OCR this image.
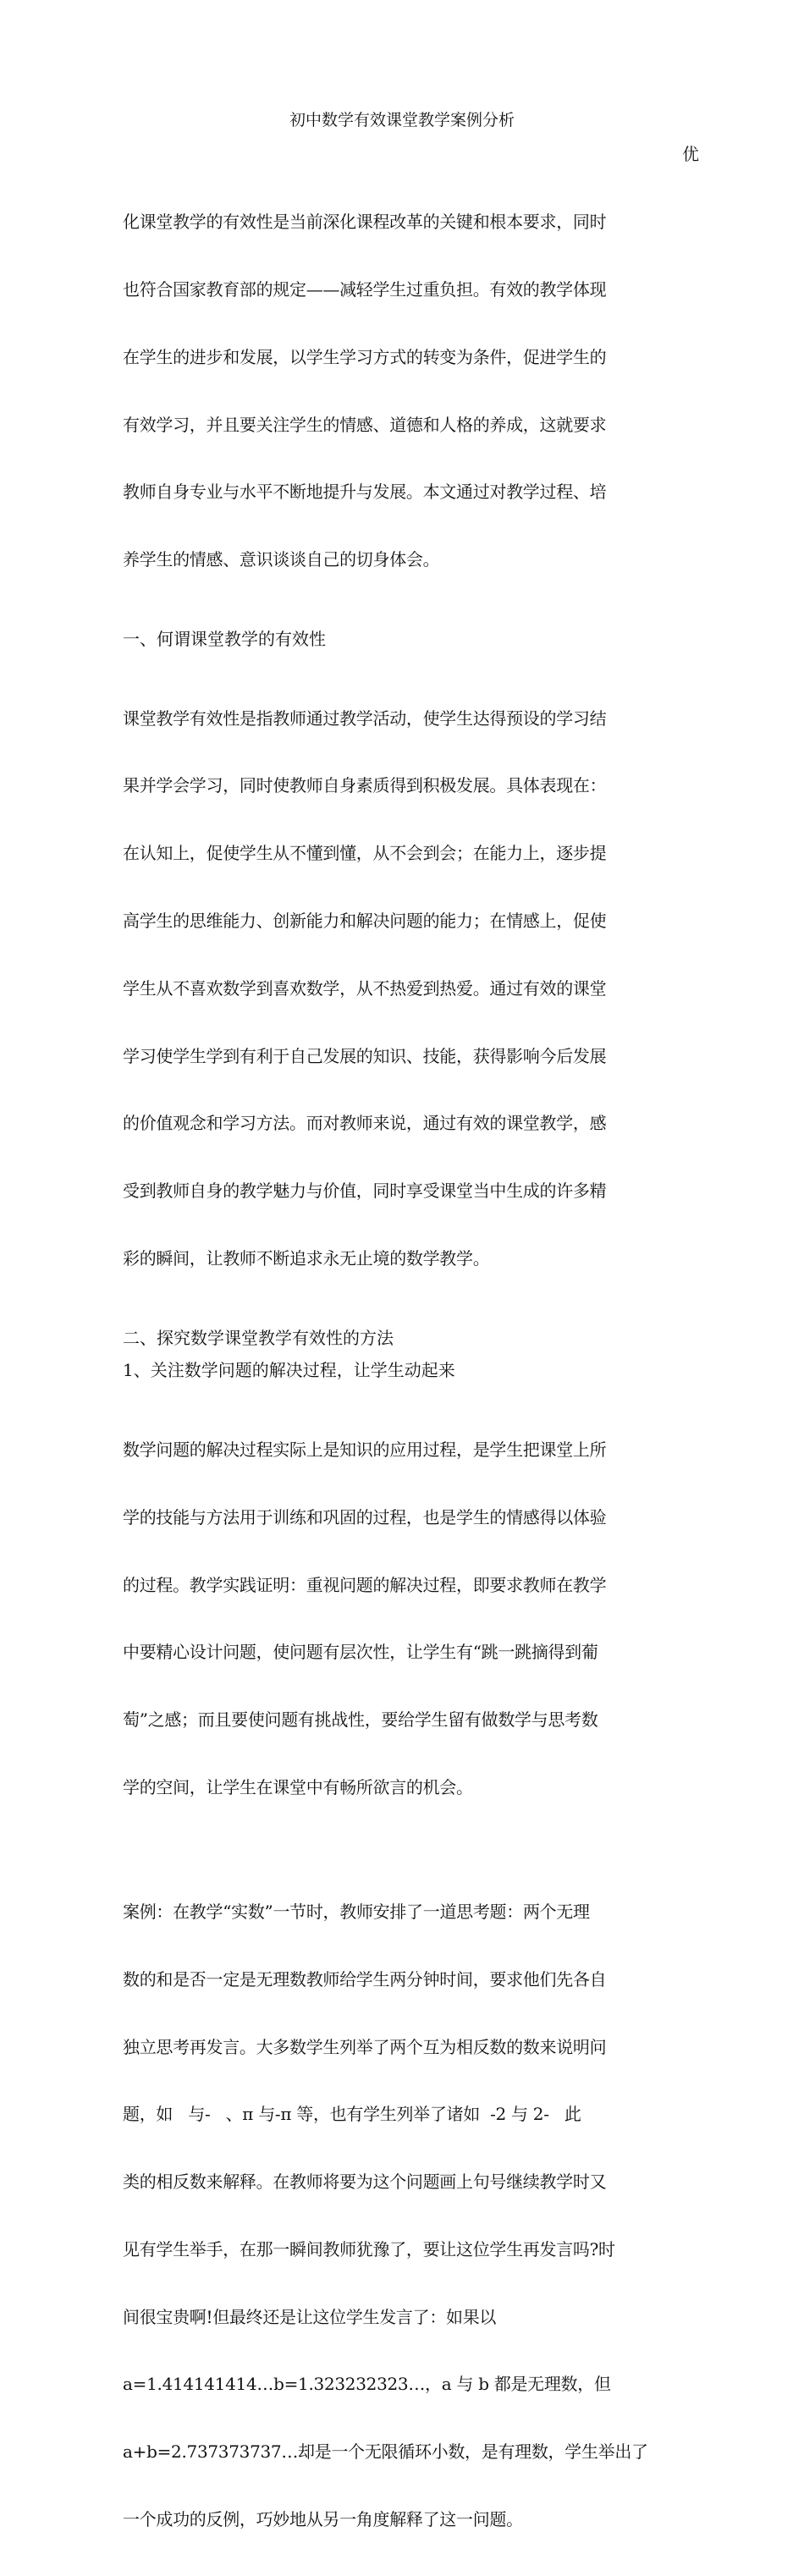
初中数学有效课堂教学案例分析
优

化课堂教学的有效性是当前深化课程改革的关键和根本要求，同时

也符合国家教育部的规定——减轻学生过重负担。有效的教学体现

在学生的进步和发展，以学生学习方式的转变为条件，促进学生的

有效学习，并且要关注学生的情感、道德和人格的养成，这就要求

教师自身专业与水平不断地提升与发展。本文通过对教学过程、培

养学生的情感、意识谈谈自己的切身体会。

一、何谓课堂教学的有效性

课堂教学有效性是指教师通过教学活动，使学生达得预设的学习结

果并学会学习，同时使教师自身素质得到积极发展。具体表现在：

在认知上，促使学生从不懂到懂，从不会到会；在能力上，逐步提

高学生的思维能力、创新能力和解决问题的能力；在情感上，促使

学生从不喜欢数学到喜欢数学，从不热爱到热爱。通过有效的课堂

学习使学生学到有利于自己发展的知识、技能，获得影响今后发展

的价值观念和学习方法。而对教师来说，通过有效的课堂教学，感

受到教师自身的教学魅力与价值，同时享受课堂当中生成的许多精

彩的瞬间，让教师不断追求永无止境的数学教学。

二、探究数学课堂教学有效性的方法
1、关注数学问题的解决过程，让学生动起来

数学问题的解决过程实际上是知识的应用过程，是学生把课堂上所

学的技能与方法用于训练和巩固的过程，也是学生的情感得以体验

的过程。教学实践证明：重视问题的解决过程，即要求教师在教学

中要精心设计问题，使问题有层次性，让学生有“跳一跳摘得到葡

萄”之感；而且要使问题有挑战性，要给学生留有做数学与思考数

学的空间，让学生在课堂中有畅所欲言的机会。

案例：在教学“实数”一节时，教师安排了一道思考题：两个无理

数的和是否一定是无理数教师给学生两分钟时间，要求他们先各自

独立思考再发言。大多数学生列举了两个互为相反数的数来说明问

题，如   与-   、π 与-π 等，也有学生列举了诸如  -2 与 2-   此

类的相反数来解释。在教师将要为这个问题画上句号继续教学时又

见有学生举手，在那一瞬间教师犹豫了，要让这位学生再发言吗?时

间很宝贵啊!但最终还是让这位学生发言了：如果以

a=1.414141414…b=1.323232323…，a 与 b 都是无理数，但

a+b=2.737373737…却是一个无限循环小数，是有理数，学生举出了

一个成功的反例，巧妙地从另一角度解释了这一问题。
